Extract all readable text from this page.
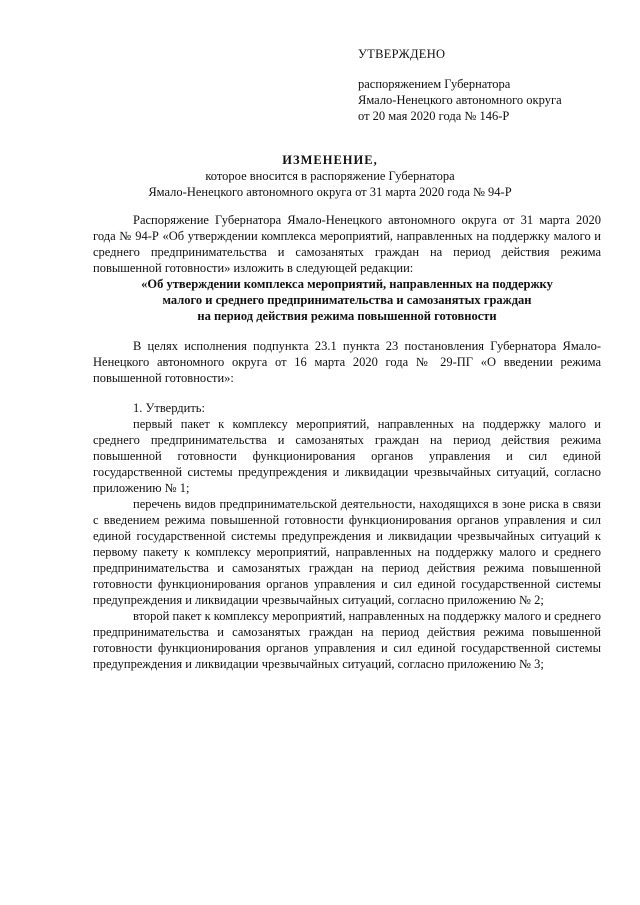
УТВЕРЖДЕНО
распоряжением Губернатора
Ямало-Ненецкого автономного округа
от 20 мая 2020 года № 146-Р
ИЗМЕНЕНИЕ,
которое вносится в распоряжение Губернатора
Ямало-Ненецкого автономного округа от 31 марта 2020 года № 94-Р

Распоряжение Губернатора Ямало-Ненецкого автономного округа от 31 марта 2020 года № 94-Р «Об утверждении комплекса мероприятий, направленных на поддержку малого и среднего предпринимательства и самозанятых граждан на период действия режима повышенной готовности» изложить в следующей редакции:

«Об утверждении комплекса мероприятий, направленных на поддержку
малого и среднего предпринимательства и самозанятых граждан
на период действия режима повышенной готовности

В целях исполнения подпункта 23.1 пункта 23 постановления Губернатора Ямало-Ненецкого автономного округа от 16 марта 2020 года № 29-ПГ «О введении режима повышенной готовности»:

1. Утвердить:

первый пакет к комплексу мероприятий, направленных на поддержку малого и среднего предпринимательства и самозанятых граждан на период действия режима повышенной готовности функционирования органов управления и сил единой государственной системы предупреждения и ликвидации чрезвычайных ситуаций, согласно приложению № 1;

перечень видов предпринимательской деятельности, находящихся в зоне риска в связи с введением режима повышенной готовности функционирования органов управления и сил единой государственной системы предупреждения и ликвидации чрезвычайных ситуаций к первому пакету к комплексу мероприятий, направленных на поддержку малого и среднего предпринимательства и самозанятых граждан на период действия режима повышенной готовности функционирования органов управления и сил единой государственной системы предупреждения и ликвидации чрезвычайных ситуаций, согласно приложению № 2;

второй пакет к комплексу мероприятий, направленных на поддержку малого и среднего предпринимательства и самозанятых граждан на период действия режима повышенной готовности функционирования органов управления и сил единой государственной системы предупреждения и ликвидации чрезвычайных ситуаций, согласно приложению № 3;
